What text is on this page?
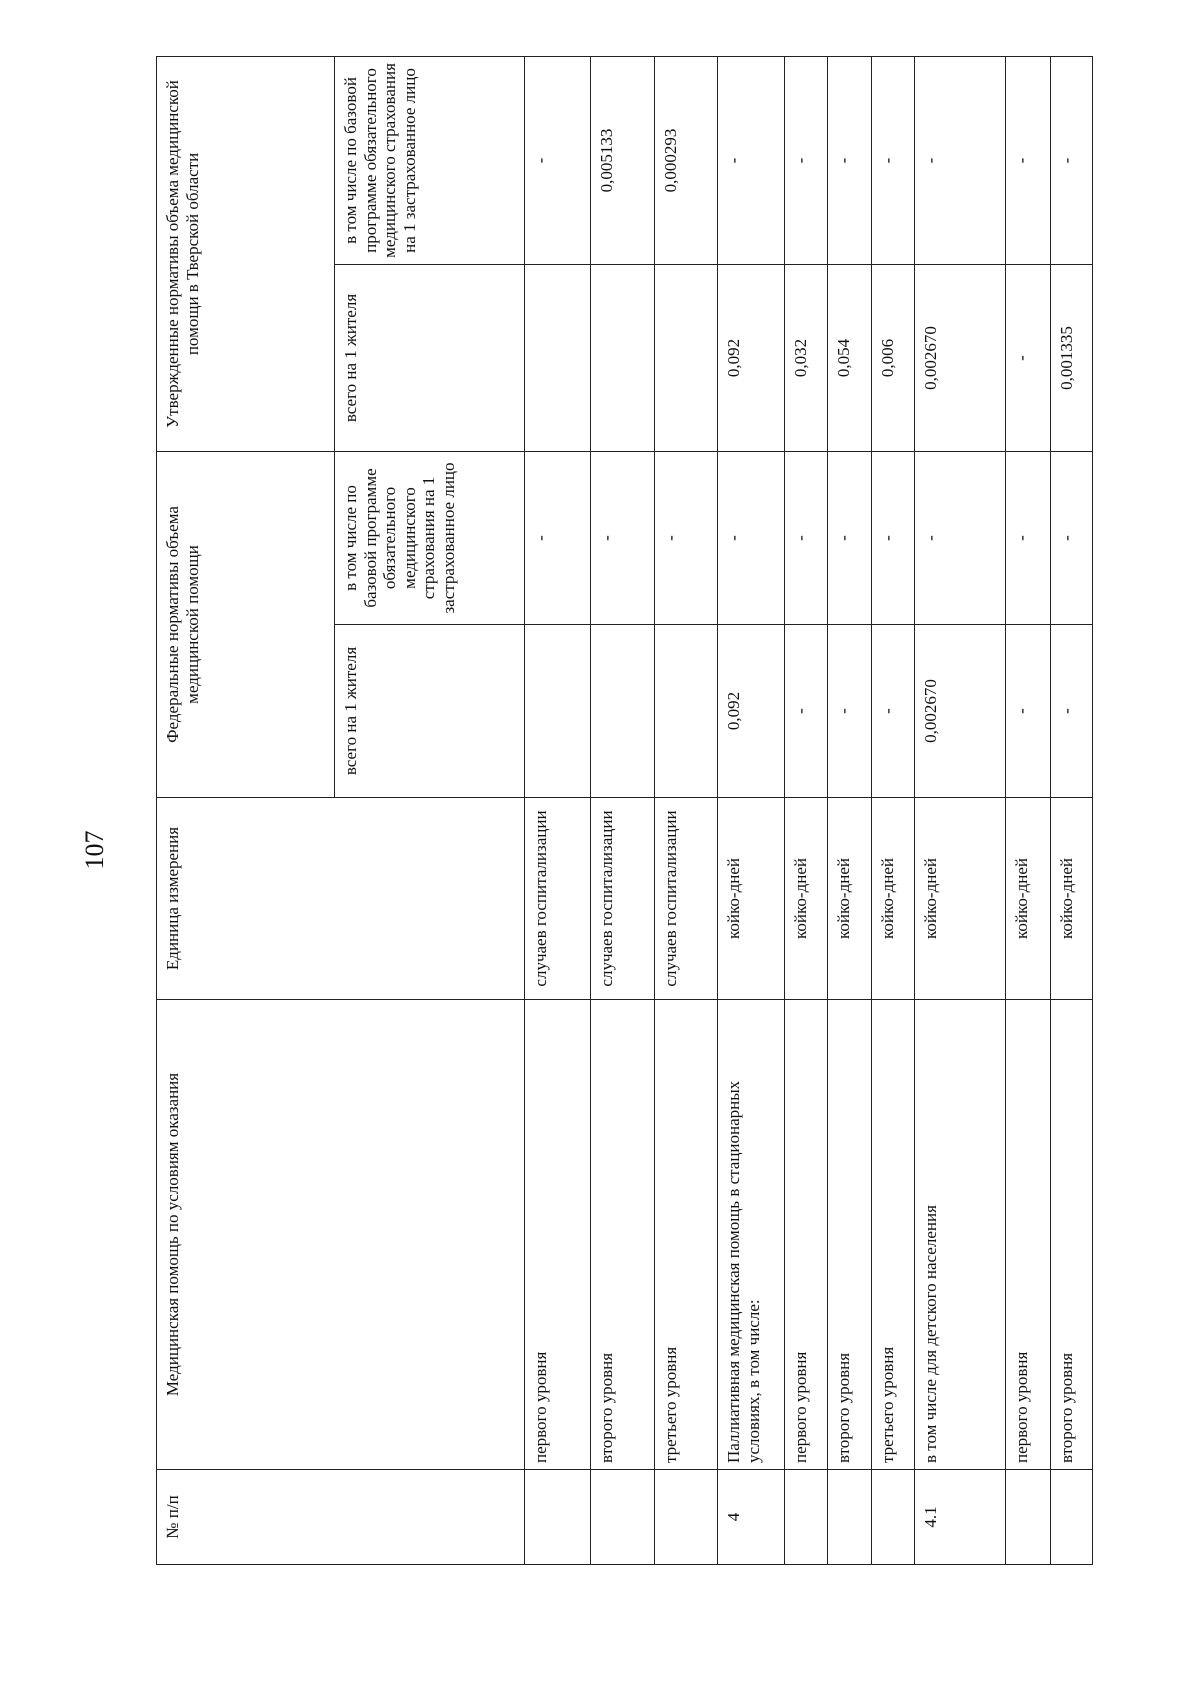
107
№ п/п	Медицинская помощь по условиям оказания	Единица измерения	Федеральные нормативы объема медицинской помощи		Утвержденные нормативы объема медицинской помощи в Тверской области	
			всего на 1 жителя	в том числе по базовой программе обязательного медицинского страхования на 1 застрахованное лицо	всего на 1 жителя	в том числе по базовой программе обязательного медицинского страхования на 1 застрахованное лицо
	первого уровня	случаев госпитализации		-		-
	второго уровня	случаев госпитализации		-		0,005133
	третьего уровня	случаев госпитализации		-		0,000293
4	Паллиативная медицинская помощь в стационарных условиях, в том числе:	койко-дней	0,092	-	0,092	-
	первого уровня	койко-дней	-	-	0,032	-
	второго уровня	койко-дней	-	-	0,054	-
	третьего уровня	койко-дней	-	-	0,006	-
4.1	в том числе для детского населения	койко-дней	0,002670	-	0,002670	-
	первого уровня	койко-дней	-	-	-	-
	второго уровня	койко-дней	-	-	0,001335	-
